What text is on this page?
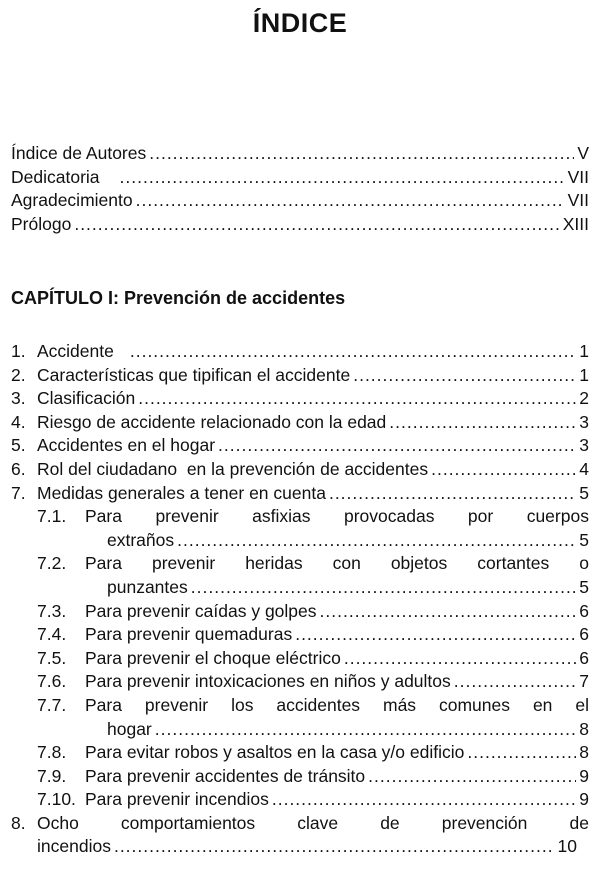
ÍNDICE
Índice de Autores .....	V
Dedicatoria .....	VII
Agradecimiento .....	VII
Prólogo .....	XIII
CAPÍTULO I: Prevención de accidentes
1. Accidente .....	1
2. Características que tipifican el accidente .....	1
3. Clasificación .....	2
4. Riesgo de accidente relacionado con la edad .....	3
5. Accidentes en el hogar .....	3
6. Rol del ciudadano  en la prevención de accidentes .....	4
7. Medidas generales a tener en cuenta .....	5
7.1.	Para prevenir asfixias provocadas por cuerpos
extraños .....	5
7.2.	Para prevenir heridas con objetos cortantes o
punzantes .....	5
7.3.	Para prevenir caídas y golpes .....	6
7.4.	Para prevenir quemaduras .....	6
7.5.	Para prevenir el choque eléctrico .....	6
7.6.	Para prevenir intoxicaciones en niños y adultos .....	7
7.7.	Para prevenir los accidentes más comunes en el
hogar .....	8
7.8.	Para evitar robos y asaltos en la casa y/o edificio .....	8
7.9.	Para prevenir accidentes de tránsito .....	9
7.10. Para prevenir incendios .....	9
8. Ocho comportamientos clave de prevención de
incendios .....	10
